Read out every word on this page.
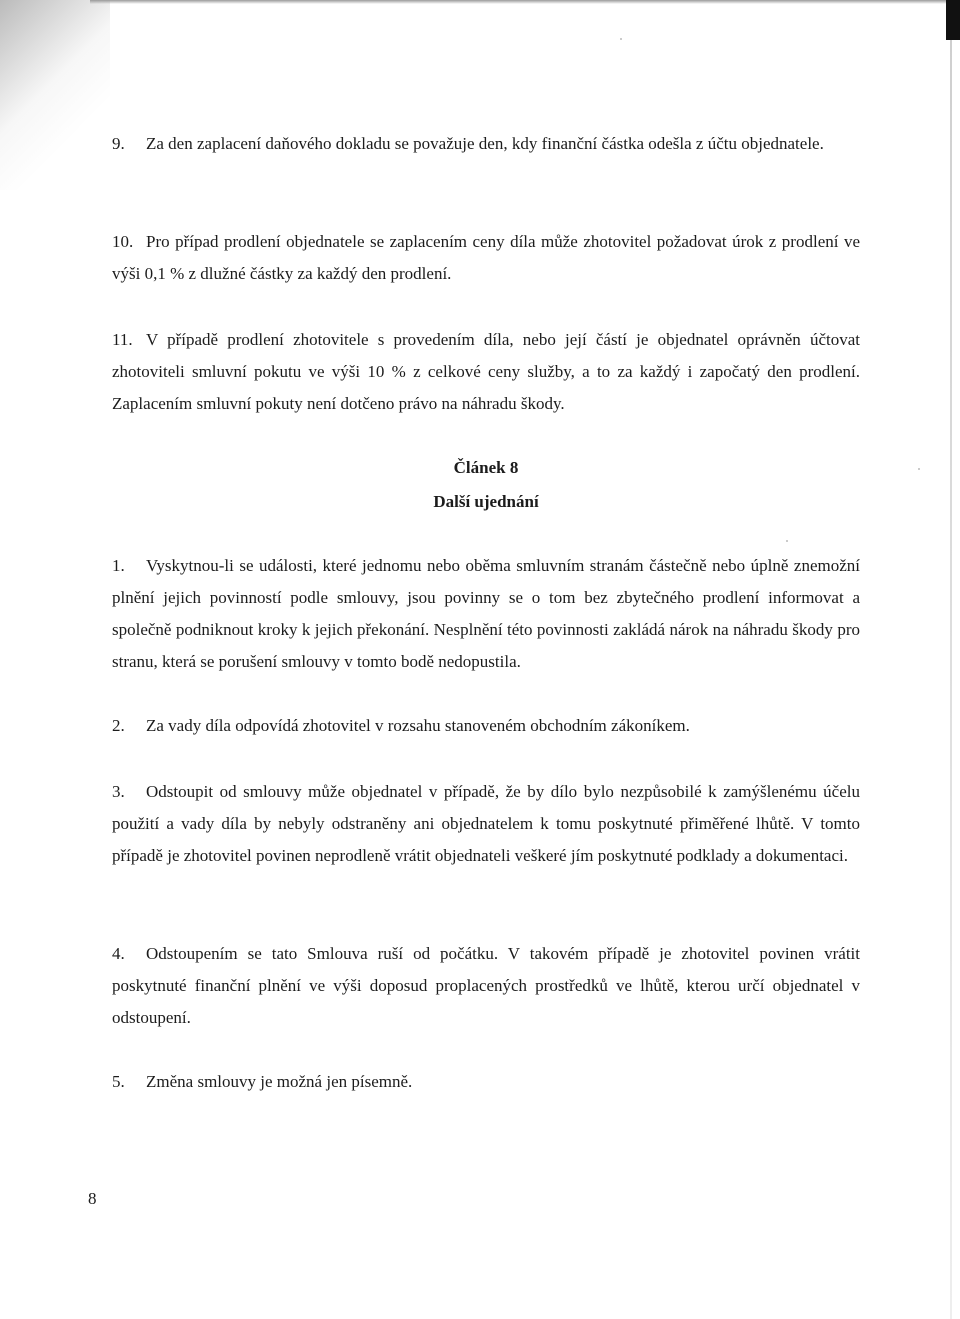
9. Za den zaplacení daňového dokladu se považuje den, kdy finanční částka odešla z účtu objednatele.

10. Pro případ prodlení objednatele se zaplacením ceny díla může zhotovitel požadovat úrok z prodlení ve výši 0,1 % z dlužné částky za každý den prodlení.

11. V případě prodlení zhotovitele s provedením díla, nebo její částí je objednatel oprávněn účtovat zhotoviteli smluvní pokutu ve výši 10 % z celkové ceny služby, a to za každý i započatý den prodlení. Zaplacením smluvní pokuty není dotčeno právo na náhradu škody.

Článek 8
Další ujednání

1. Vyskytnou-li se události, které jednomu nebo oběma smluvním stranám částečně nebo úplně znemožní plnění jejich povinností podle smlouvy, jsou povinny se o tom bez zbytečného prodlení informovat a společně podniknout kroky k jejich překonání. Nesplnění této povinnosti zakládá nárok na náhradu škody pro stranu, která se porušení smlouvy v tomto bodě nedopustila.

2. Za vady díla odpovídá zhotovitel v rozsahu stanoveném obchodním zákoníkem.

3. Odstoupit od smlouvy může objednatel v případě, že by dílo bylo nezpůsobilé k zamýšlenému účelu použití a vady díla by nebyly odstraněny ani objednatelem k tomu poskytnuté přiměřené lhůtě. V tomto případě je zhotovitel povinen neprodleně vrátit objednateli veškeré jím poskytnuté podklady a dokumentaci.

4. Odstoupením se tato Smlouva ruší od počátku. V takovém případě je zhotovitel povinen vrátit poskytnuté finanční plnění ve výši doposud proplacených prostředků ve lhůtě, kterou určí objednatel v odstoupení.

5. Změna smlouvy je možná jen písemně.

8
